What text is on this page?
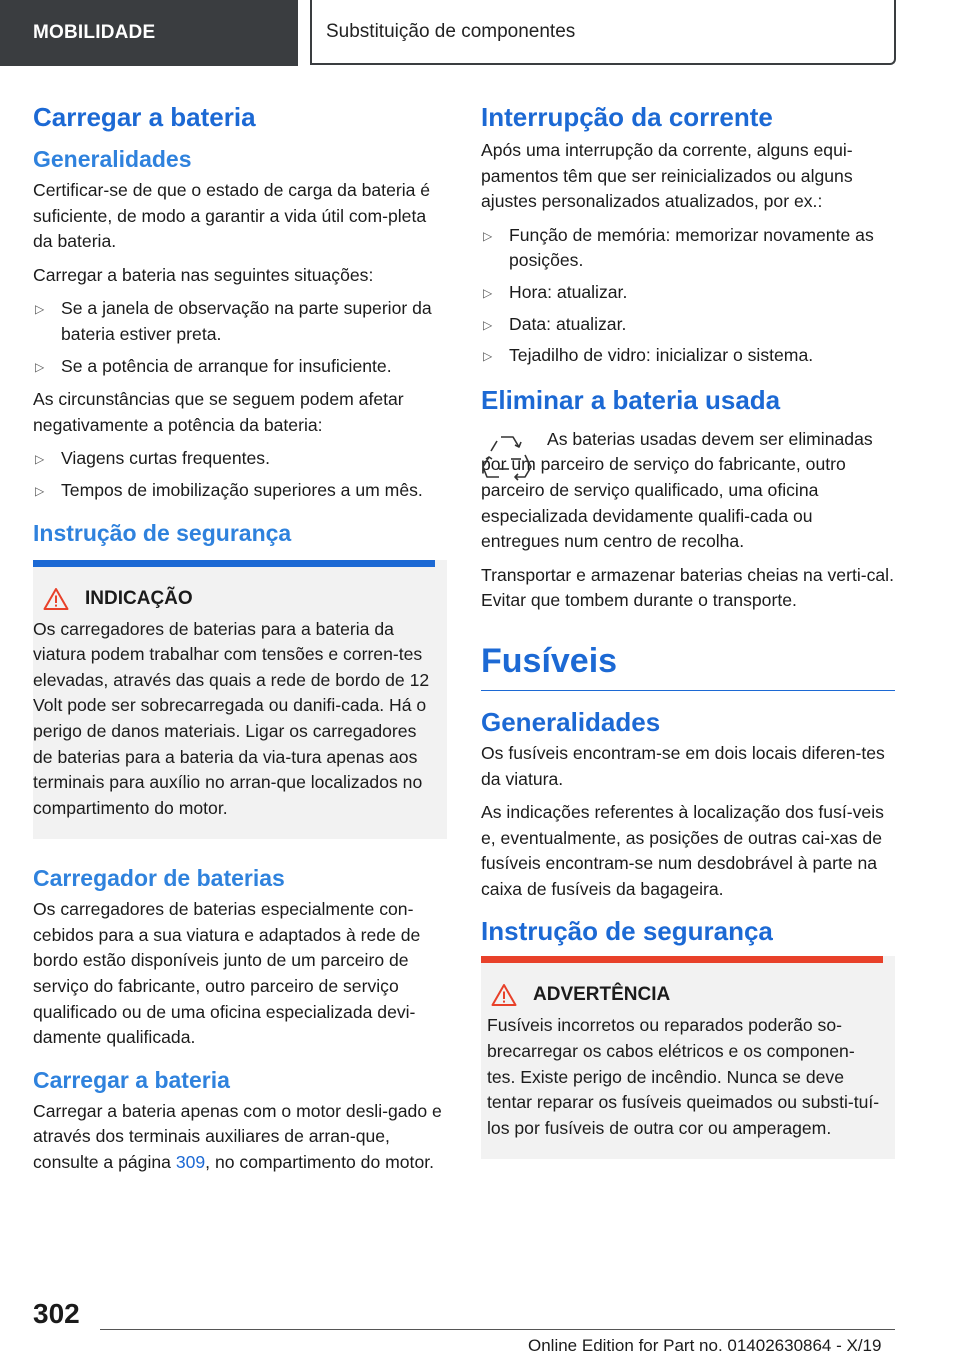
MOBILIDADE	Substituição de componentes
Carregar a bateria
Generalidades

Certificar-se de que o estado de carga da bateria é suficiente, de modo a garantir a vida útil com-pleta da bateria.

Carregar a bateria nas seguintes situações:

▷ Se a janela de observação na parte superior da bateria estiver preta.
▷ Se a potência de arranque for insuficiente.

As circunstâncias que se seguem podem afetar negativamente a potência da bateria:

▷ Viagens curtas frequentes.
▷ Tempos de imobilização superiores a um mês.
Instrução de segurança
INDICAÇÃO

Os carregadores de baterias para a bateria da viatura podem trabalhar com tensões e corren-tes elevadas, através das quais a rede de bordo de 12 Volt pode ser sobrecarregada ou danifi-cada. Há o perigo de danos materiais. Ligar os carregadores de baterias para a bateria da via-tura apenas aos terminais para auxílio no arran-que localizados no compartimento do motor.

Carregador de baterias

Os carregadores de baterias especialmente con-cebidos para a sua viatura e adaptados à rede de bordo estão disponíveis junto de um parceiro de serviço do fabricante, outro parceiro de serviço qualificado ou de uma oficina especializada devi-damente qualificada.

Carregar a bateria

Carregar a bateria apenas com o motor desli-gado e através dos terminais auxiliares de arran-que, consulte a página 309, no compartimento do motor.

Interrupção da corrente

Após uma interrupção da corrente, alguns equi-pamentos têm que ser reinicializados ou alguns ajustes personalizados atualizados, por ex.:

▷ Função de memória: memorizar novamente as posições.
▷ Hora: atualizar.
▷ Data: atualizar.
▷ Tejadilho de vidro: inicializar o sistema.
Eliminar a bateria usada

As baterias usadas devem ser eliminadas por um parceiro de serviço do fabricante, outro parceiro de serviço qualificado, uma oficina especializada devidamente qualifi-cada ou entregues num centro de recolha.

Transportar e armazenar baterias cheias na verti-cal. Evitar que tombem durante o transporte.

Fusíveis
Generalidades

Os fusíveis encontram-se em dois locais diferen-tes da viatura.

As indicações referentes à localização dos fusí-veis e, eventualmente, as posições de outras cai-xas de fusíveis encontram-se num desdobrável à parte na caixa de fusíveis da bagageira.

Instrução de segurança
ADVERTÊNCIA

Fusíveis incorretos ou reparados poderão so-brecarregar os cabos elétricos e os componen-tes. Existe perigo de incêndio. Nunca se deve tentar reparar os fusíveis queimados ou substi-tuí-los por fusíveis de outra cor ou amperagem.

302
Online Edition for Part no. 01402630864 - X/19
